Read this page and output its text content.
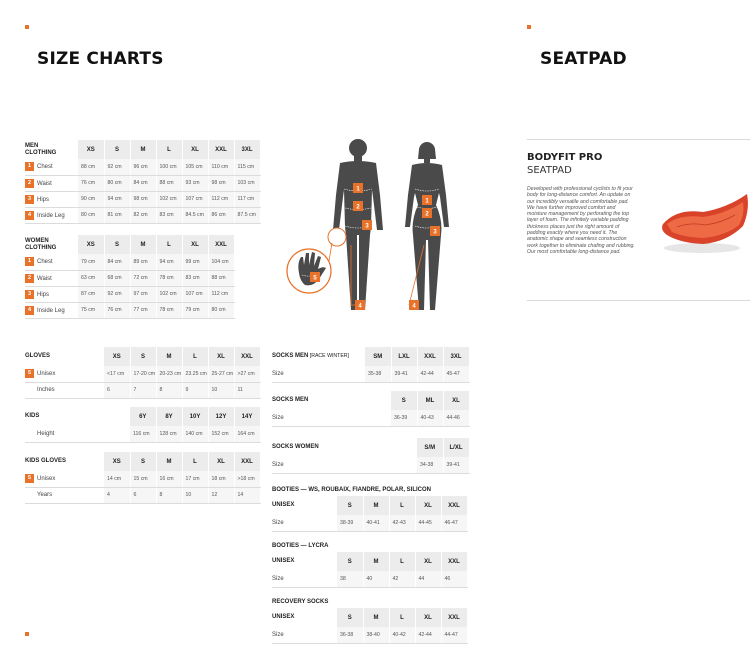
SIZE CHARTS	SEATPAD
MEN
CLOTHING	XS	S	M	L	XL	XXL	3XL
1 Chest	88 cm	92 cm	96 cm	100 cm	105 cm	110 cm	115 cm
2 Waist	76 cm	80 cm	84 cm	88 cm	93 cm	98 cm	103 cm
3 Hips	90 cm	94 cm	98 cm	102 cm	107 cm	112 cm	117 cm
4 Inside Leg	80 cm	81 cm	82 cm	83 cm	84.5 cm	86 cm	87.5 cm
WOMEN CLOTHING	XS	S	M	L	XL	XXL
1 Chest	79 cm	84 cm	89 cm	94 cm	99 cm	104 cm
2 Waist	63 cm	68 cm	72 cm	78 cm	83 cm	88 cm
3 Hips	87 cm	92 cm	97 cm	102 cm	107 cm	112 cm
4 Inside Leg	75 cm	76 cm	77 cm	78 cm	79 cm	80 cm
GLOVES	XS	S	M	L	XL	XXL
5 Unisex	<17 cm	17-20 cm	20-23 cm	23.25 cm	25-27 cm	>27 cm
Inches	6	7	8	9	10	11
KIDS	6Y	8Y	10Y	12Y	14Y
Height	116 cm	128 cm	140 cm	152 cm	164 cm
KIDS GLOVES	XS	S	M	L	XL	XXL
5 Unisex	14 cm	15 cm	16 cm	17 cm	18 cm	>18 cm
Years	4	6	8	10	12	14
SOCKS MEN [RACE WINTER]	SM	LXL	XXL	3XL
Size	35-38	39-41	42-44	45-47
SOCKS MEN	S	ML	XL
Size	36-39	40-43	44-46
SOCKS WOMEN	S/M	L/XL
Size	34-38	39-41
BOOTIES — WS, ROUBAIX, FIANDRE, POLAR, SILICON					
UNISEX	S	M	L	XL	XXL
Size	38-39	40-41	42-43	44-45	46-47
BOOTIES — LYCRA					
UNISEX	S	M	L	XL	XXL
Size	38	40	42	44	46
RECOVERY SOCKS					
UNISEX	S	M	L	XL	XXL
Size	36-38	38-40	40-42	42-44	44-47
1
2
3
4
1
2
3
4
5
BODYFIT PRO
SEATPAD
Developed with professional cyclists to fit your body for long-distance comfort. An update on our incredibly versatile and comfortable pad. We have further improved comfort and moisture management by perforating the top layer of foam. The infinitely variable padding thickness places just the right amount of padding exactly where you need it. The anatomic shape and seamless construction work together to eliminate chafing and rubbing. Our most comfortable long-distance pad.
